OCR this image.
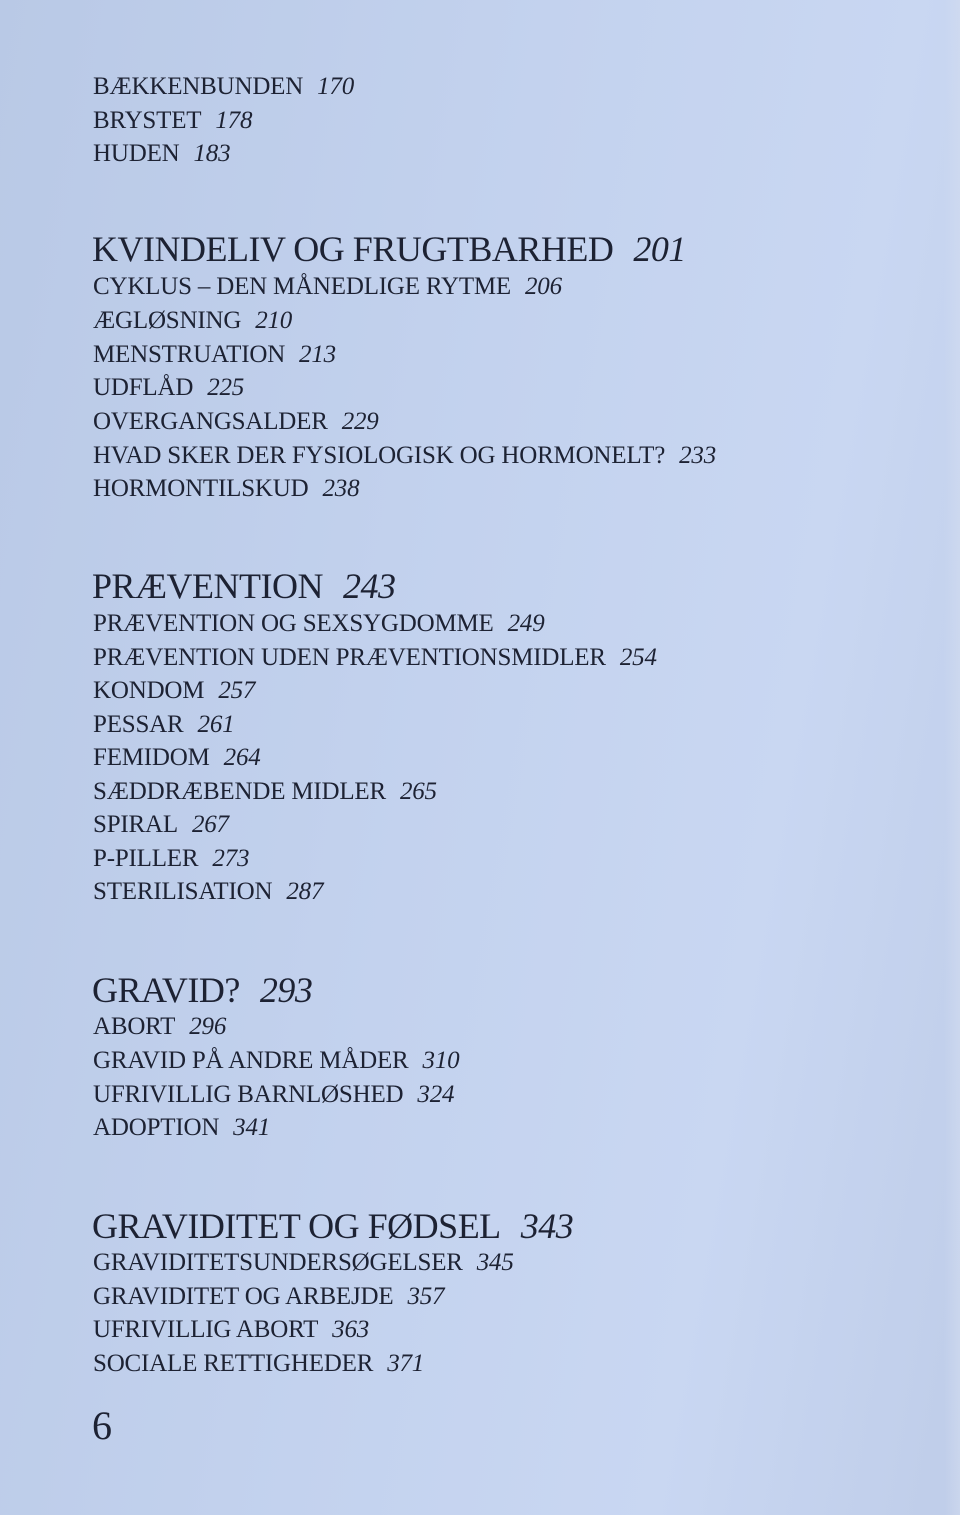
BÆKKENBUNDEN 170
BRYSTET 178
HUDEN 183
KVINDELIV OG FRUGTBARHED 201
CYKLUS – DEN MÅNEDLIGE RYTME 206
ÆGLØSNING 210
MENSTRUATION 213
UDFLÅD 225
OVERGANGSALDER 229
HVAD SKER DER FYSIOLOGISK OG HORMONELT? 233
HORMONTILSKUD 238
PRÆVENTION 243
PRÆVENTION OG SEXSYGDOMME 249
PRÆVENTION UDEN PRÆVENTIONSMIDLER 254
KONDOM 257
PESSAR 261
FEMIDOM 264
SÆDDRÆBENDE MIDLER 265
SPIRAL 267
P-PILLER 273
STERILISATION 287
GRAVID? 293
ABORT 296
GRAVID PÅ ANDRE MÅDER 310
UFRIVILLIG BARNLØSHED 324
ADOPTION 341
GRAVIDITET OG FØDSEL 343
GRAVIDITETSUNDERSØGELSER 345
GRAVIDITET OG ARBEJDE 357
UFRIVILLIG ABORT 363
SOCIALE RETTIGHEDER 371
6
